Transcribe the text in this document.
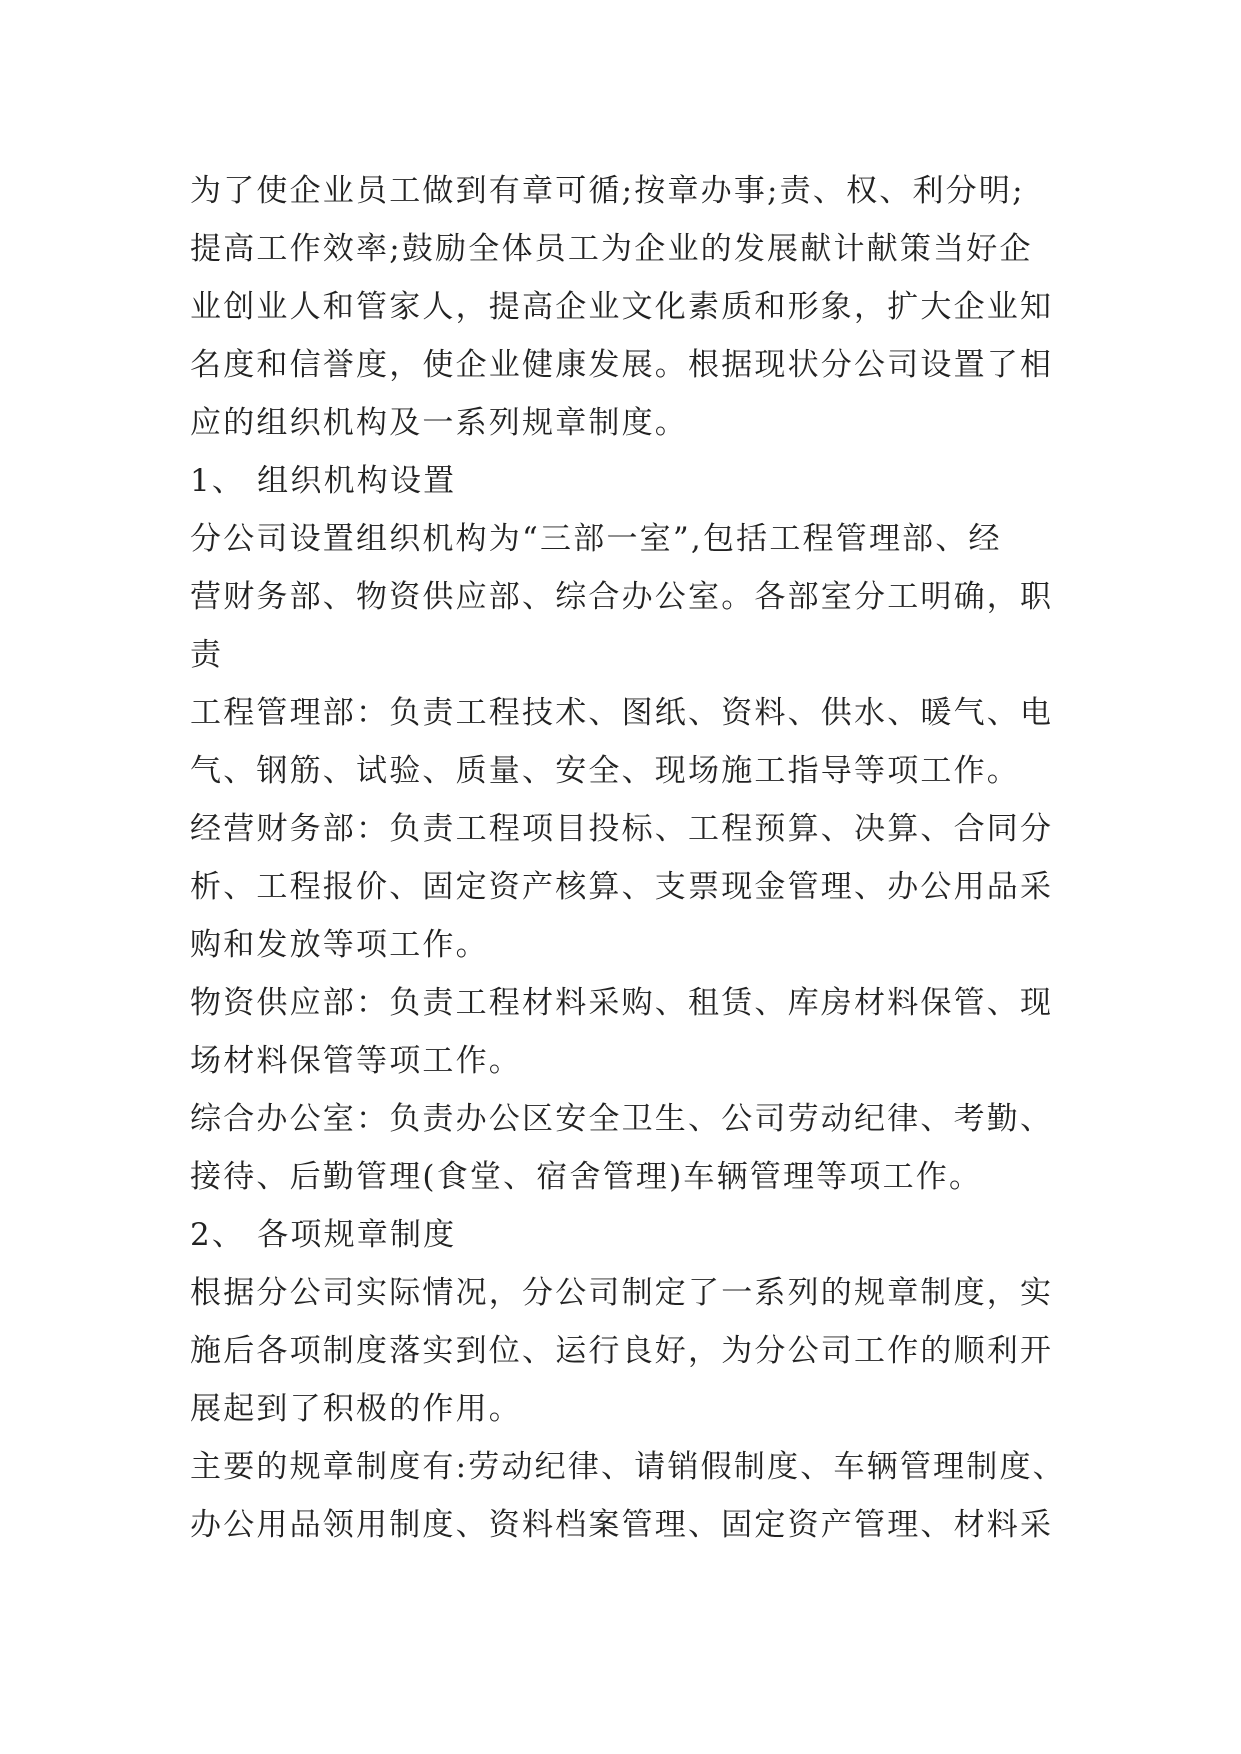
为了使企业员工做到有章可循;按章办事;责、权、利分明;
提高工作效率;鼓励全体员工为企业的发展献计献策当好企
业创业人和管家人，提高企业文化素质和形象，扩大企业知
名度和信誉度，使企业健康发展。根据现状分公司设置了相
应的组织机构及一系列规章制度。
1、 组织机构设置
分公司设置组织机构为“三部一室”,包括工程管理部、经
营财务部、物资供应部、综合办公室。各部室分工明确，职
责
工程管理部：负责工程技术、图纸、资料、供水、暖气、电
气、钢筋、试验、质量、安全、现场施工指导等项工作。
经营财务部：负责工程项目投标、工程预算、决算、合同分
析、工程报价、固定资产核算、支票现金管理、办公用品采
购和发放等项工作。
物资供应部：负责工程材料采购、租赁、库房材料保管、现
场材料保管等项工作。
综合办公室：负责办公区安全卫生、公司劳动纪律、考勤、
接待、后勤管理(食堂、宿舍管理)车辆管理等项工作。
2、 各项规章制度
根据分公司实际情况，分公司制定了一系列的规章制度，实
施后各项制度落实到位、运行良好，为分公司工作的顺利开
展起到了积极的作用。
主要的规章制度有:劳动纪律、请销假制度、车辆管理制度、
办公用品领用制度、资料档案管理、固定资产管理、材料采
